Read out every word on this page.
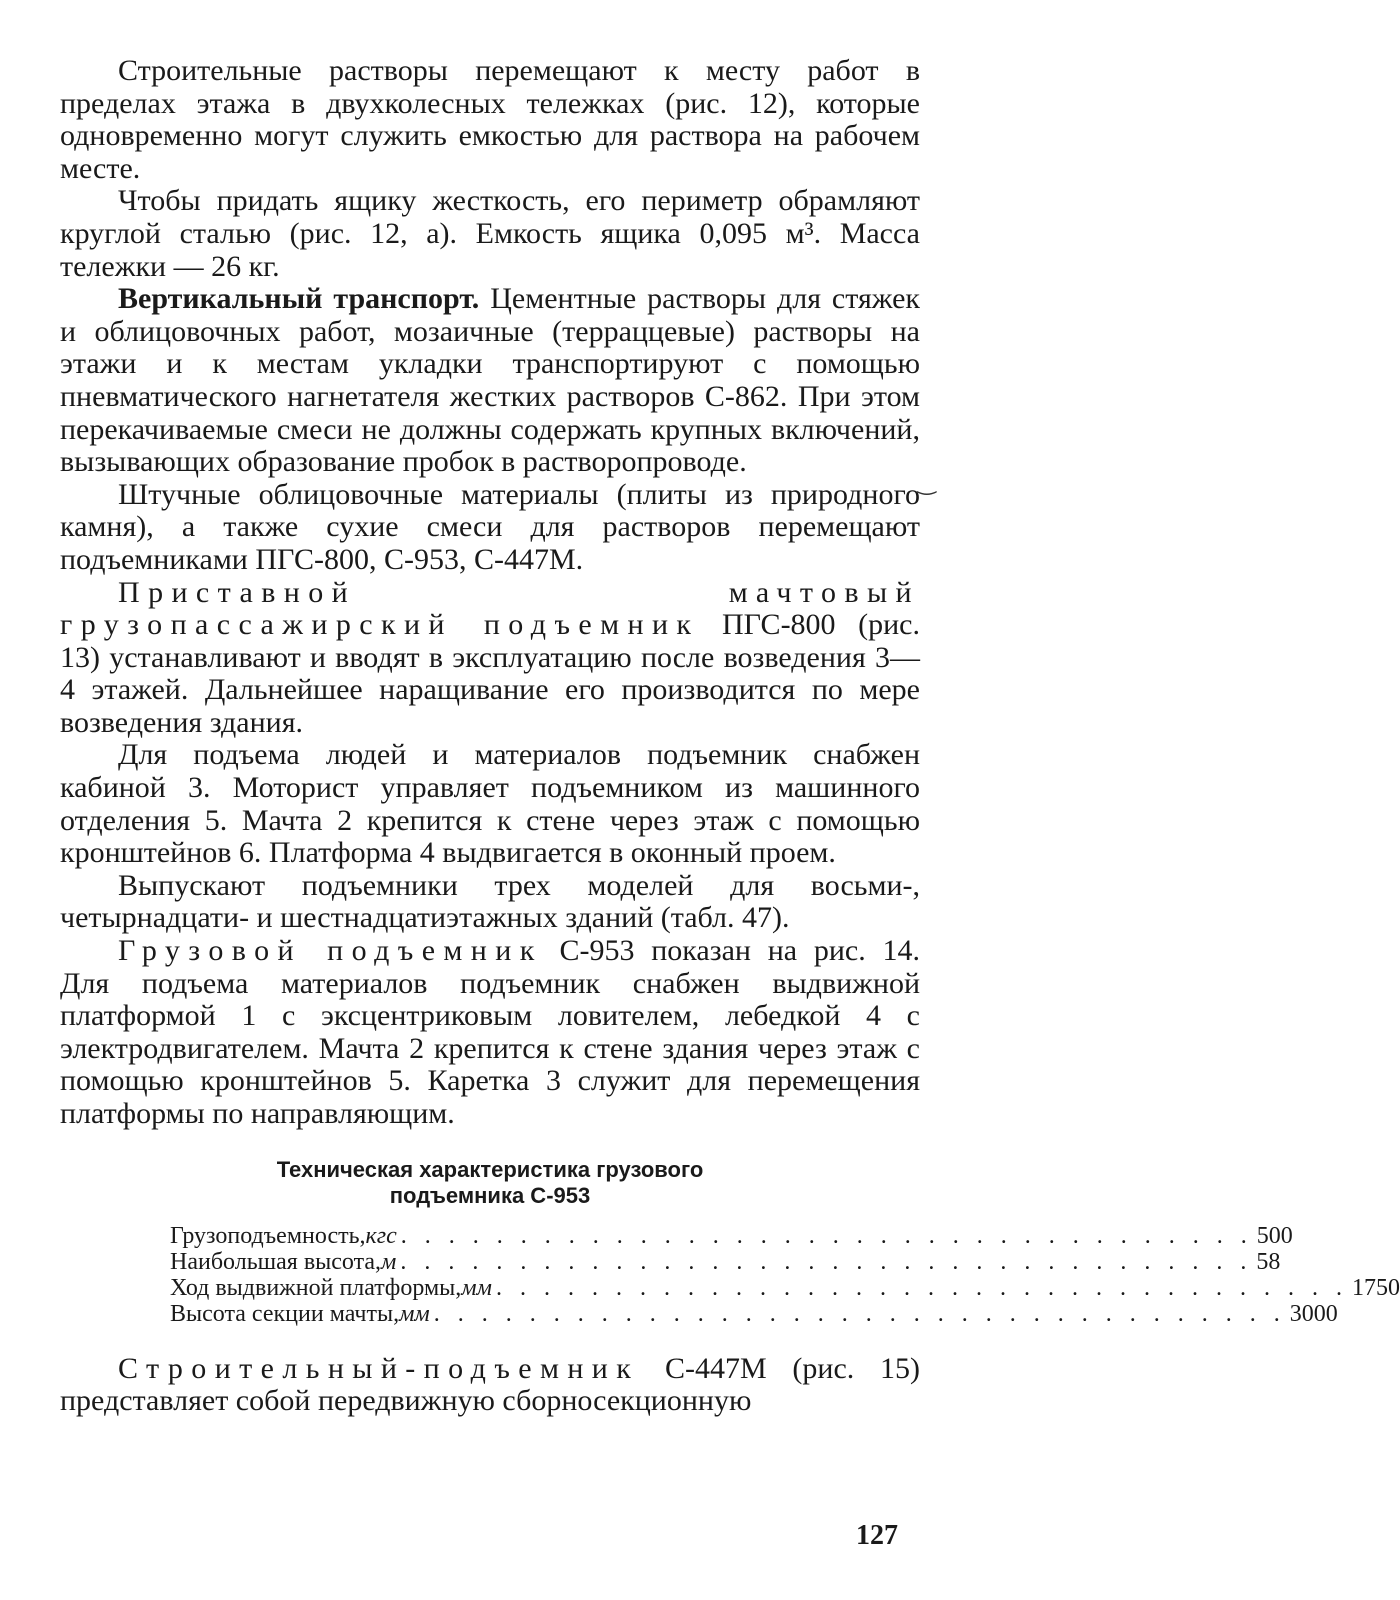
Строительные растворы перемещают к месту работ в пределах этажа в двухколесных тележках (рис. 12), которые одновременно могут служить емкостью для раствора на рабочем месте.

Чтобы придать ящику жесткость, его периметр обрамляют круглой сталью (рис. 12, а). Емкость ящика 0,095 м³. Масса тележки — 26 кг.

Вертикальный транспорт. Цементные растворы для стяжек и облицовочных работ, мозаичные (терраццевые) растворы на этажи и к местам укладки транспортируют с помощью пневматического нагнетателя жестких растворов С-862. При этом перекачиваемые смеси не должны содержать крупных включений, вызывающих образование пробок в растворопроводе.

Штучные облицовочные материалы (плиты из природного камня), а также сухие смеси для растворов перемещают подъемниками ПГС-800, С-953, С-447М.

Приставной мачтовый грузопассажирский подъемник ПГС-800 (рис. 13) устанавливают и вводят в эксплуатацию после возведения 3—4 этажей. Дальнейшее наращивание его производится по мере возведения здания.

Для подъема людей и материалов подъемник снабжен кабиной 3. Моторист управляет подъемником из машинного отделения 5. Мачта 2 крепится к стене через этаж с помощью кронштейнов 6. Платформа 4 выдвигается в оконный проем.

Выпускают подъемники трех моделей для восьми-, четырнадцати- и шестнадцатиэтажных зданий (табл. 47).

Грузовой подъемник С-953 показан на рис. 14. Для подъема материалов подъемник снабжен выдвижной платформой 1 с эксцентриковым ловителем, лебедкой 4 с электродвигателем. Мачта 2 крепится к стене здания через этаж с помощью кронштейнов 5. Каретка 3 служит для перемещения платформы по направляющим.

Техническая характеристика грузового
подъемника С-953
Грузоподъемность, кгс . . . . . . . . . . . . . . . . . . . . . . . . . . . . . . . . . . . . 500
Наибольшая высота, м . . . . . . . . . . . . . . . . . . . . . . . . . . . . . . . . . . . . 58
Ход выдвижной платформы, мм . . . . . . . . . . . . . . . . . . . . . . . . . . . . . . . . . . . . 1750
Высота секции мачты, мм . . . . . . . . . . . . . . . . . . . . . . . . . . . . . . . . . . . . 3000

Строительный-подъемник С-447М (рис. 15) представляет собой передвижную сборносекционную

‿
127
